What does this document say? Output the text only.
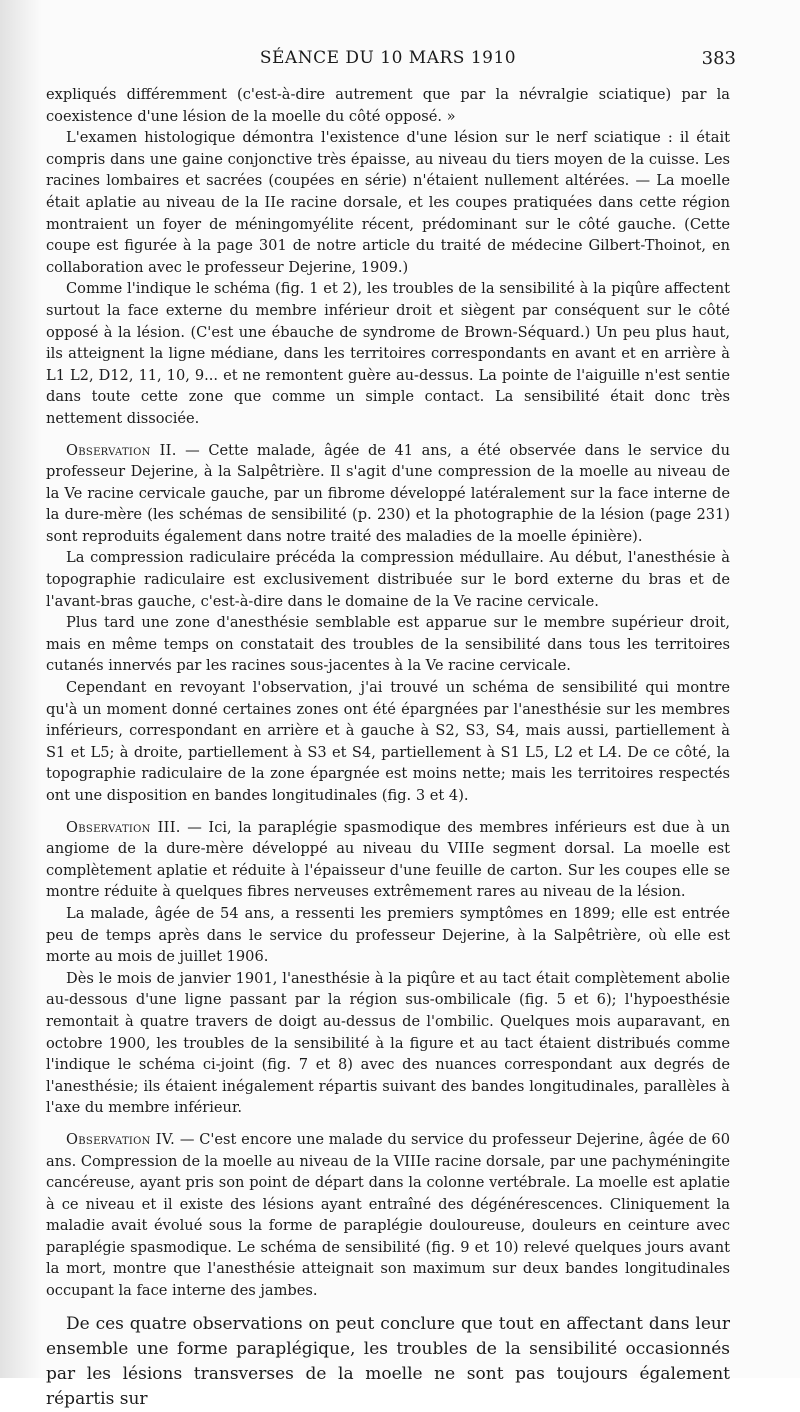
SÉANCE DU 10 MARS 1910	383

expliqués différemment (c'est-à-dire autrement que par la névralgie sciatique) par la coexistence d'une lésion de la moelle du côté opposé. »

L'examen histologique démontra l'existence d'une lésion sur le nerf sciatique : il était compris dans une gaine conjonctive très épaisse, au niveau du tiers moyen de la cuisse. Les racines lombaires et sacrées (coupées en série) n'étaient nullement altérées. — La moelle était aplatie au niveau de la IIe racine dorsale, et les coupes pratiquées dans cette région montraient un foyer de méningomyélite récent, prédominant sur le côté gauche. (Cette coupe est figurée à la page 301 de notre article du traité de médecine Gilbert-Thoinot, en collaboration avec le professeur Dejerine, 1909.)

Comme l'indique le schéma (fig. 1 et 2), les troubles de la sensibilité à la piqûre affectent surtout la face externe du membre inférieur droit et siègent par conséquent sur le côté opposé à la lésion. (C'est une ébauche de syndrome de Brown-Séquard.) Un peu plus haut, ils atteignent la ligne médiane, dans les territoires correspondants en avant et en arrière à L1 L2, D12, 11, 10, 9... et ne remontent guère au-dessus. La pointe de l'aiguille n'est sentie dans toute cette zone que comme un simple contact. La sensibilité était donc très nettement dissociée.

Observation II. — Cette malade, âgée de 41 ans, a été observée dans le service du professeur Dejerine, à la Salpêtrière. Il s'agit d'une compression de la moelle au niveau de la Ve racine cervicale gauche, par un fibrome développé latéralement sur la face interne de la dure-mère (les schémas de sensibilité (p. 230) et la photographie de la lésion (page 231) sont reproduits également dans notre traité des maladies de la moelle épinière).

La compression radiculaire précéda la compression médullaire. Au début, l'anesthésie à topographie radiculaire est exclusivement distribuée sur le bord externe du bras et de l'avant-bras gauche, c'est-à-dire dans le domaine de la Ve racine cervicale.

Plus tard une zone d'anesthésie semblable est apparue sur le membre supérieur droit, mais en même temps on constatait des troubles de la sensibilité dans tous les territoires cutanés innervés par les racines sous-jacentes à la Ve racine cervicale.

Cependant en revoyant l'observation, j'ai trouvé un schéma de sensibilité qui montre qu'à un moment donné certaines zones ont été épargnées par l'anesthésie sur les membres inférieurs, correspondant en arrière et à gauche à S2, S3, S4, mais aussi, partiellement à S1 et L5; à droite, partiellement à S3 et S4, partiellement à S1 L5, L2 et L4. De ce côté, la topographie radiculaire de la zone épargnée est moins nette; mais les territoires respectés ont une disposition en bandes longitudinales (fig. 3 et 4).

Observation III. — Ici, la paraplégie spasmodique des membres inférieurs est due à un angiome de la dure-mère développé au niveau du VIIIe segment dorsal. La moelle est complètement aplatie et réduite à l'épaisseur d'une feuille de carton. Sur les coupes elle se montre réduite à quelques fibres nerveuses extrêmement rares au niveau de la lésion.

La malade, âgée de 54 ans, a ressenti les premiers symptômes en 1899; elle est entrée peu de temps après dans le service du professeur Dejerine, à la Salpêtrière, où elle est morte au mois de juillet 1906.

Dès le mois de janvier 1901, l'anesthésie à la piqûre et au tact était complètement abolie au-dessous d'une ligne passant par la région sus-ombilicale (fig. 5 et 6); l'hypoesthésie remontait à quatre travers de doigt au-dessus de l'ombilic. Quelques mois auparavant, en octobre 1900, les troubles de la sensibilité à la figure et au tact étaient distribués comme l'indique le schéma ci-joint (fig. 7 et 8) avec des nuances correspondant aux degrés de l'anesthésie; ils étaient inégalement répartis suivant des bandes longitudinales, parallèles à l'axe du membre inférieur.

Observation IV. — C'est encore une malade du service du professeur Dejerine, âgée de 60 ans. Compression de la moelle au niveau de la VIIIe racine dorsale, par une pachyméningite cancéreuse, ayant pris son point de départ dans la colonne vertébrale. La moelle est aplatie à ce niveau et il existe des lésions ayant entraîné des dégénérescences. Cliniquement la maladie avait évolué sous la forme de paraplégie douloureuse, douleurs en ceinture avec paraplégie spasmodique. Le schéma de sensibilité (fig. 9 et 10) relevé quelques jours avant la mort, montre que l'anesthésie atteignait son maximum sur deux bandes longitudinales occupant la face interne des jambes.

De ces quatre observations on peut conclure que tout en affectant dans leur ensemble une forme paraplégique, les troubles de la sensibilité occasionnés par les lésions transverses de la moelle ne sont pas toujours également répartis sur
